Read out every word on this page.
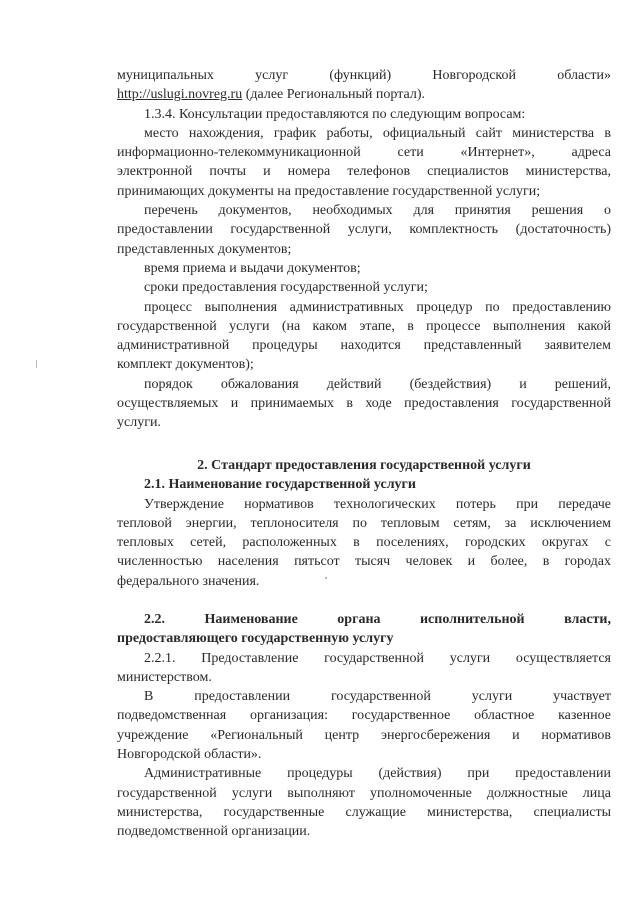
муниципальных	услуг	(функций)	Новгородской	области»
http://uslugi.novreg.ru (далее Региональный портал).
1.3.4. Консультации предоставляются по следующим вопросам:
место нахождения, график работы, официальный сайт министерства в
информационно-телекоммуникационной сети «Интернет», адреса
электронной почты и номера телефонов специалистов министерства,
принимающих документы на предоставление государственной услуги;
перечень документов, необходимых для принятия решения о
предоставлении государственной услуги, комплектность (достаточность)
представленных документов;
время приема и выдачи документов;
сроки предоставления государственной услуги;
процесс выполнения административных процедур по предоставлению
государственной услуги (на каком этапе, в процессе выполнения какой
административной процедуры находится представленный заявителем
комплект документов);
порядок обжалования действий (бездействия) и решений,
осуществляемых и принимаемых в ходе предоставления государственной
услуги.
2. Стандарт предоставления государственной услуги
2.1. Наименование государственной услуги
Утверждение нормативов технологических потерь при передаче
тепловой энергии, теплоносителя по тепловым сетям, за исключением
тепловых сетей, расположенных в поселениях, городских округах с
численностью населения пятьсот тысяч человек и более, в городах
федерального значения.
2.2. Наименование органа исполнительной власти,
предоставляющего государственную услугу
2.2.1. Предоставление государственной услуги осуществляется
министерством.
В предоставлении государственной услуги участвует
подведомственная организация: государственное областное казенное
учреждение «Региональный центр энергосбережения и нормативов
Новгородской области».
Административные процедуры (действия) при предоставлении
государственной услуги выполняют уполномоченные должностные лица
министерства, государственные служащие министерства, специалисты
подведомственной организации.
